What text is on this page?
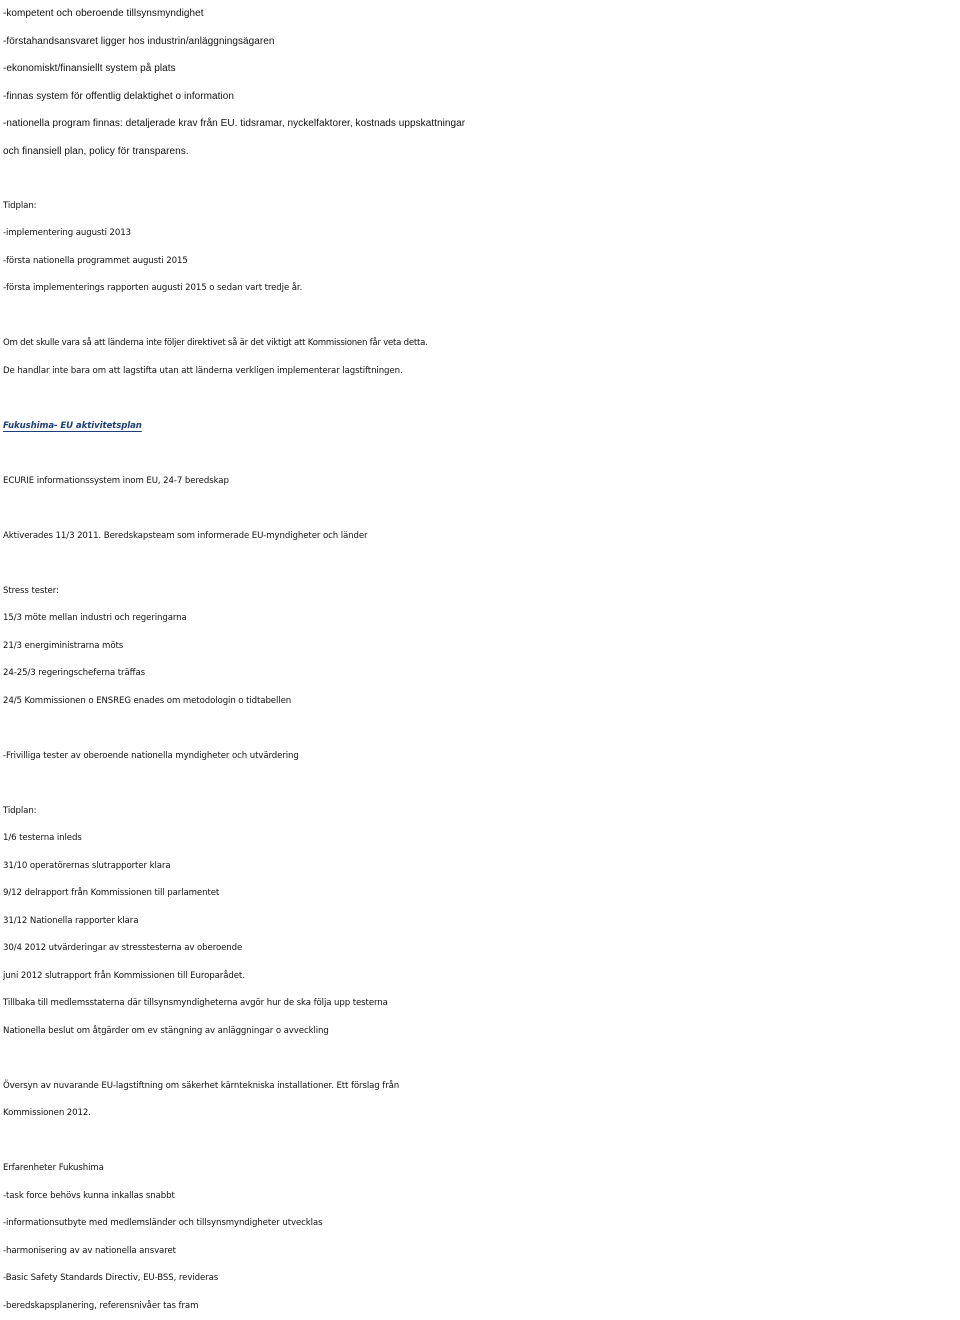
-kompetent och oberoende tillsynsmyndighet
-förstahandsansvaret ligger hos industrin/anläggningsägaren
-ekonomiskt/finansiellt system på plats
-finnas system för offentlig delaktighet o information
-nationella program finnas: detaljerade krav från EU. tidsramar, nyckelfaktorer, kostnads uppskattningar
och finansiell plan, policy för transparens.
Tidplan:
-implementering augusti 2013
-första nationella programmet augusti 2015
-första implementerings rapporten augusti 2015 o sedan vart tredje år.
Om det skulle vara så att länderna inte följer direktivet så är det viktigt att Kommissionen får veta detta.
De handlar inte bara om att lagstifta utan att länderna verkligen implementerar lagstiftningen.
Fukushima- EU aktivitetsplan
ECURIE informationssystem inom EU, 24-7 beredskap
Aktiverades 11/3 2011. Beredskapsteam som informerade EU-myndigheter och länder
Stress tester:
15/3 möte mellan industri och regeringarna
21/3 energiministrarna möts
24-25/3 regeringscheferna träffas
24/5 Kommissionen o ENSREG enades om metodologin o tidtabellen
-Frivilliga tester av oberoende nationella myndigheter och utvärdering
Tidplan:
1/6 testerna inleds
31/10 operatörernas slutrapporter klara
9/12 delrapport från Kommissionen till parlamentet
31/12 Nationella rapporter klara
30/4 2012 utvärderingar av stresstesterna av oberoende
juni 2012 slutrapport från Kommissionen till Europarådet.
Tillbaka till medlemsstaterna där tillsynsmyndigheterna avgör hur de ska följa upp testerna
Nationella beslut om åtgärder om ev stängning av anläggningar o avveckling
Översyn av nuvarande EU-lagstiftning om säkerhet kärntekniska installationer. Ett förslag från
Kommissionen 2012.
Erfarenheter Fukushima
-task force behövs kunna inkallas snabbt
-informationsutbyte med medlemsländer och tillsynsmyndigheter utvecklas
-harmonisering av av nationella ansvaret
-Basic Safety Standards Directiv, EU-BSS, revideras
-beredskapsplanering, referensnivåer tas fram
